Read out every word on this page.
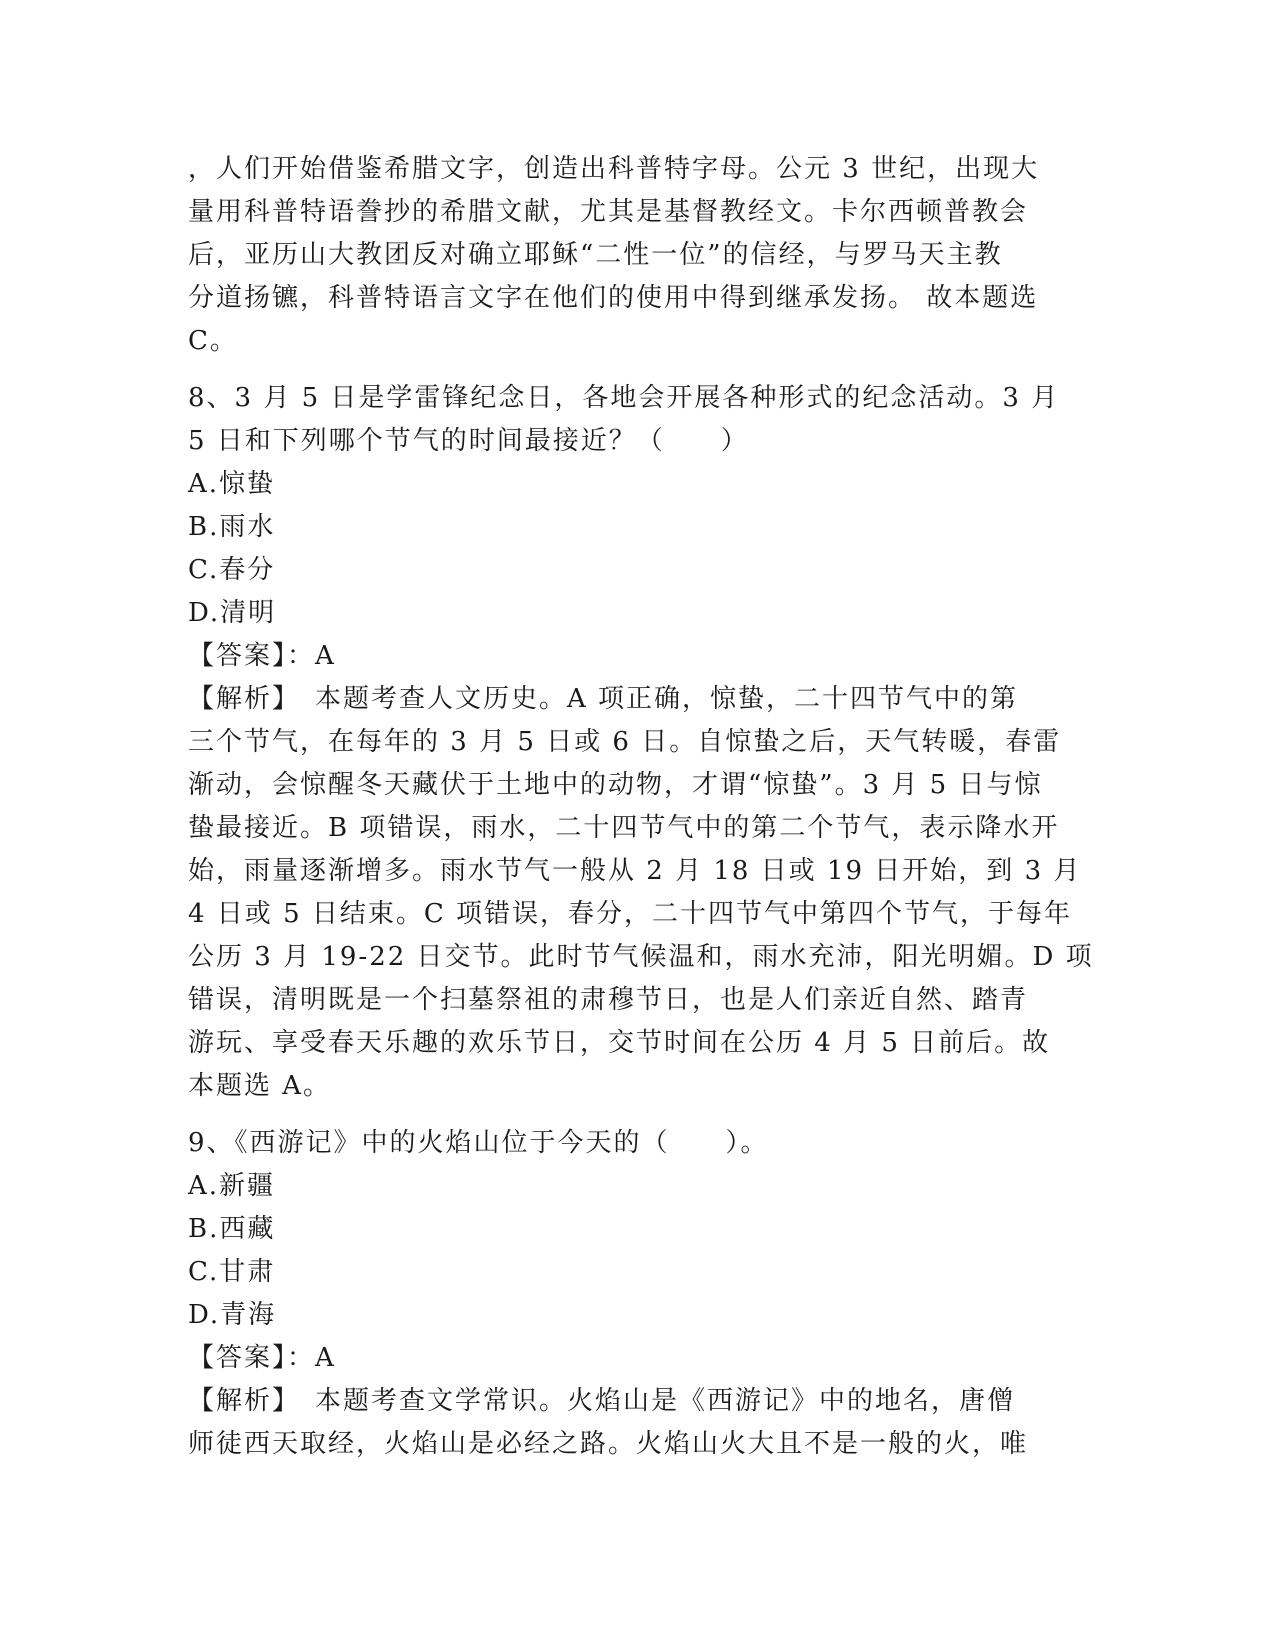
，人们开始借鉴希腊文字，创造出科普特字母。公元 3 世纪，出现大
量用科普特语誊抄的希腊文献，尤其是基督教经文。卡尔西顿普教会
后，亚历山大教团反对确立耶稣“二性一位”的信经，与罗马天主教
分道扬镳，科普特语言文字在他们的使用中得到继承发扬。 故本题选
C。
8、3 月 5 日是学雷锋纪念日，各地会开展各种形式的纪念活动。3 月
5 日和下列哪个节气的时间最接近？（　　）
A.惊蛰
B.雨水
C.春分
D.清明
【答案】：A
【解析】　本题考查人文历史。A 项正确，惊蛰，二十四节气中的第
三个节气，在每年的 3 月 5 日或 6 日。自惊蛰之后，天气转暖，春雷
渐动，会惊醒冬天藏伏于土地中的动物，才谓“惊蛰”。3 月 5 日与惊
蛰最接近。B 项错误，雨水，二十四节气中的第二个节气，表示降水开
始，雨量逐渐增多。雨水节气一般从 2 月 18 日或 19 日开始，到 3 月
4 日或 5 日结束。C 项错误，春分，二十四节气中第四个节气，于每年
公历 3 月 19-22 日交节。此时节气候温和，雨水充沛，阳光明媚。D 项
错误，清明既是一个扫墓祭祖的肃穆节日，也是人们亲近自然、踏青
游玩、享受春天乐趣的欢乐节日，交节时间在公历 4 月 5 日前后。故
本题选 A。
9、《西游记》中的火焰山位于今天的（　　）。
A.新疆
B.西藏
C.甘肃
D.青海
【答案】：A
【解析】　本题考查文学常识。火焰山是《西游记》中的地名，唐僧
师徒西天取经，火焰山是必经之路。火焰山火大且不是一般的火，唯
